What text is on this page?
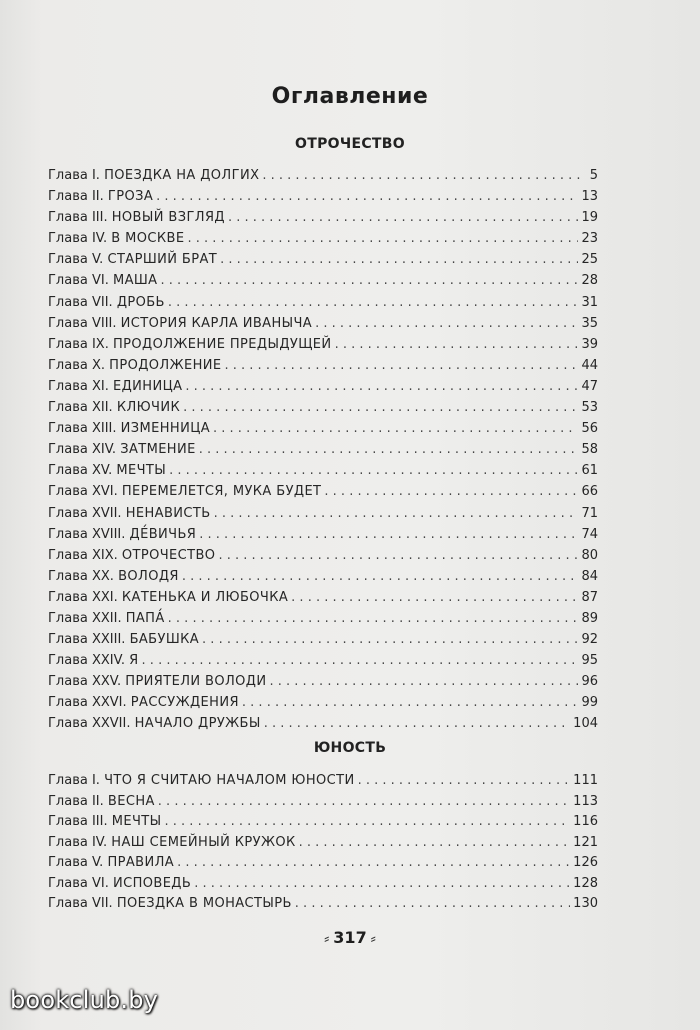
Оглавление
ОТРОЧЕСТВО
Глава I. ПОЕЗДКА НА ДОЛГИХ . . .	5
Глава II. ГРОЗА . . .	13
Глава III. НОВЫЙ ВЗГЛЯД . . .	19
Глава IV. В МОСКВЕ . . .	23
Глава V. СТАРШИЙ БРАТ . . .	25
Глава VI. МАША . . .	28
Глава VII. ДРОБЬ . . .	31
Глава VIII. ИСТОРИЯ КАРЛА ИВАНЫЧА . . .	35
Глава IX. ПРОДОЛЖЕНИЕ ПРЕДЫДУЩЕЙ . . .	39
Глава X. ПРОДОЛЖЕНИЕ . . .	44
Глава XI. ЕДИНИЦА . . .	47
Глава XII. КЛЮЧИК . . .	53
Глава XIII. ИЗМЕННИЦА . . .	56
Глава XIV. ЗАТМЕНИЕ . . .	58
Глава XV. МЕЧТЫ . . .	61
Глава XVI. ПЕРЕМЕЛЕТСЯ, МУКА БУДЕТ . . .	66
Глава XVII. НЕНАВИСТЬ . . .	71
Глава XVIII. ДЕ́ВИЧЬЯ . . .	74
Глава XIX. ОТРОЧЕСТВО . . .	80
Глава XX. ВОЛОДЯ . . .	84
Глава XXI. КАТЕНЬКА И ЛЮБОЧКА . . .	87
Глава XXII. ПАПА́ . . .	89
Глава XXIII. БАБУШКА . . .	92
Глава XXIV. Я . . .	95
Глава XXV. ПРИЯТЕЛИ ВОЛОДИ . . .	96
Глава XXVI. РАССУЖДЕНИЯ . . .	99
Глава XXVII. НАЧАЛО ДРУЖБЫ . . .	104
ЮНОСТЬ
Глава I. ЧТО Я СЧИТАЮ НАЧАЛОМ ЮНОСТИ . . .	111
Глава II. ВЕСНА . . .	113
Глава III. МЕЧТЫ . . .	116
Глава IV. НАШ СЕМЕЙНЫЙ КРУЖОК . . .	121
Глава V. ПРАВИЛА . . .	126
Глава VI. ИСПОВЕДЬ . . .	128
Глава VII. ПОЕЗДКА В МОНАСТЫРЬ . . .	130
⸗ 317 ⸗
bookclub.by
